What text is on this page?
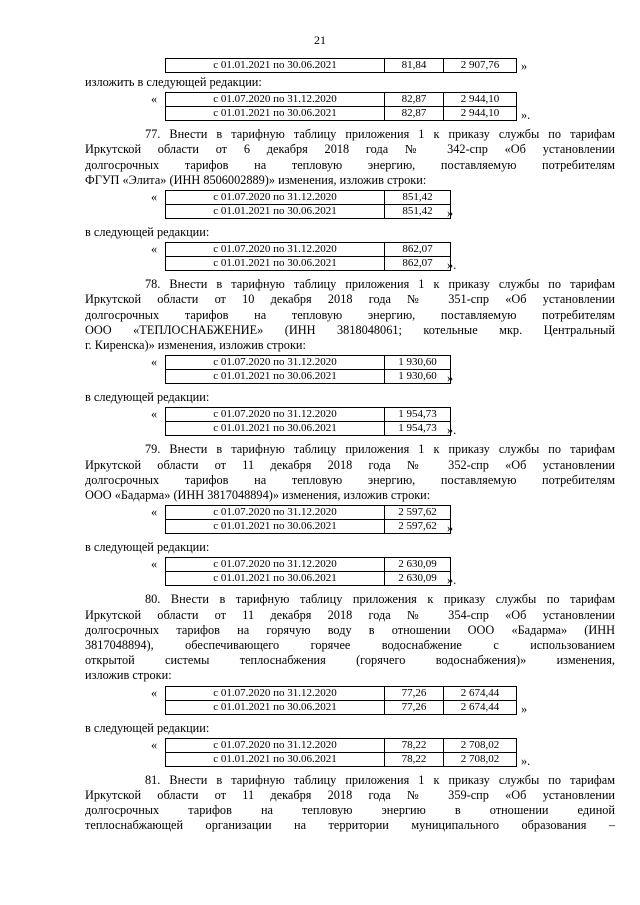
21
с 01.01.2021 по 30.06.2021	81,84	2 907,76 »

изложить в следующей редакции:

«	с 01.07.2020 по 31.12.2020	82,87	2 944,10
с 01.01.2021 по 30.06.2021	82,87	2 944,10 ».

77. Внести в тарифную таблицу приложения 1 к приказу службы по тарифам

Иркутской области от 6 декабря 2018 года № 342-спр «Об установлении

долгосрочных тарифов на тепловую энергию, поставляемую потребителям

ФГУП «Элита» (ИНН 8506002889)» изменения, изложив строки:

«	с 01.07.2020 по 31.12.2020	851,42
с 01.01.2021 по 30.06.2021	851,42 »

в следующей редакции:

«	с 01.07.2020 по 31.12.2020	862,07
с 01.01.2021 по 30.06.2021	862,07 ».

78. Внести в тарифную таблицу приложения 1 к приказу службы по тарифам

Иркутской области от 10 декабря 2018 года № 351-спр «Об установлении

долгосрочных тарифов на тепловую энергию, поставляемую потребителям

ООО «ТЕПЛОСНАБЖЕНИЕ» (ИНН 3818048061; котельные мкр. Центральный

г. Киренска)» изменения, изложив строки:

«	с 01.07.2020 по 31.12.2020	1 930,60
с 01.01.2021 по 30.06.2021	1 930,60 »

в следующей редакции:

«	с 01.07.2020 по 31.12.2020	1 954,73
с 01.01.2021 по 30.06.2021	1 954,73 ».

79. Внести в тарифную таблицу приложения 1 к приказу службы по тарифам

Иркутской области от 11 декабря 2018 года № 352-спр «Об установлении

долгосрочных тарифов на тепловую энергию, поставляемую потребителям

ООО «Бадарма» (ИНН 3817048894)» изменения, изложив строки:

«	с 01.07.2020 по 31.12.2020	2 597,62
с 01.01.2021 по 30.06.2021	2 597,62 »

в следующей редакции:

«	с 01.07.2020 по 31.12.2020	2 630,09
с 01.01.2021 по 30.06.2021	2 630,09 ».

80. Внести в тарифную таблицу приложения к приказу службы по тарифам

Иркутской области от 11 декабря 2018 года № 354-спр «Об установлении

долгосрочных тарифов на горячую воду в отношении ООО «Бадарма» (ИНН

3817048894), обеспечивающего горячее водоснабжение с использованием

открытой системы теплоснабжения (горячего водоснабжения)» изменения,

изложив строки:

«	с 01.07.2020 по 31.12.2020	77,26	2 674,44
с 01.01.2021 по 30.06.2021	77,26	2 674,44 »

в следующей редакции:

«	с 01.07.2020 по 31.12.2020	78,22	2 708,02
с 01.01.2021 по 30.06.2021	78,22	2 708,02 ».

81. Внести в тарифную таблицу приложения 1 к приказу службы по тарифам

Иркутской области от 11 декабря 2018 года № 359-спр «Об установлении

долгосрочных тарифов на тепловую энергию в отношении единой

теплоснабжающей организации на территории муниципального образования –
